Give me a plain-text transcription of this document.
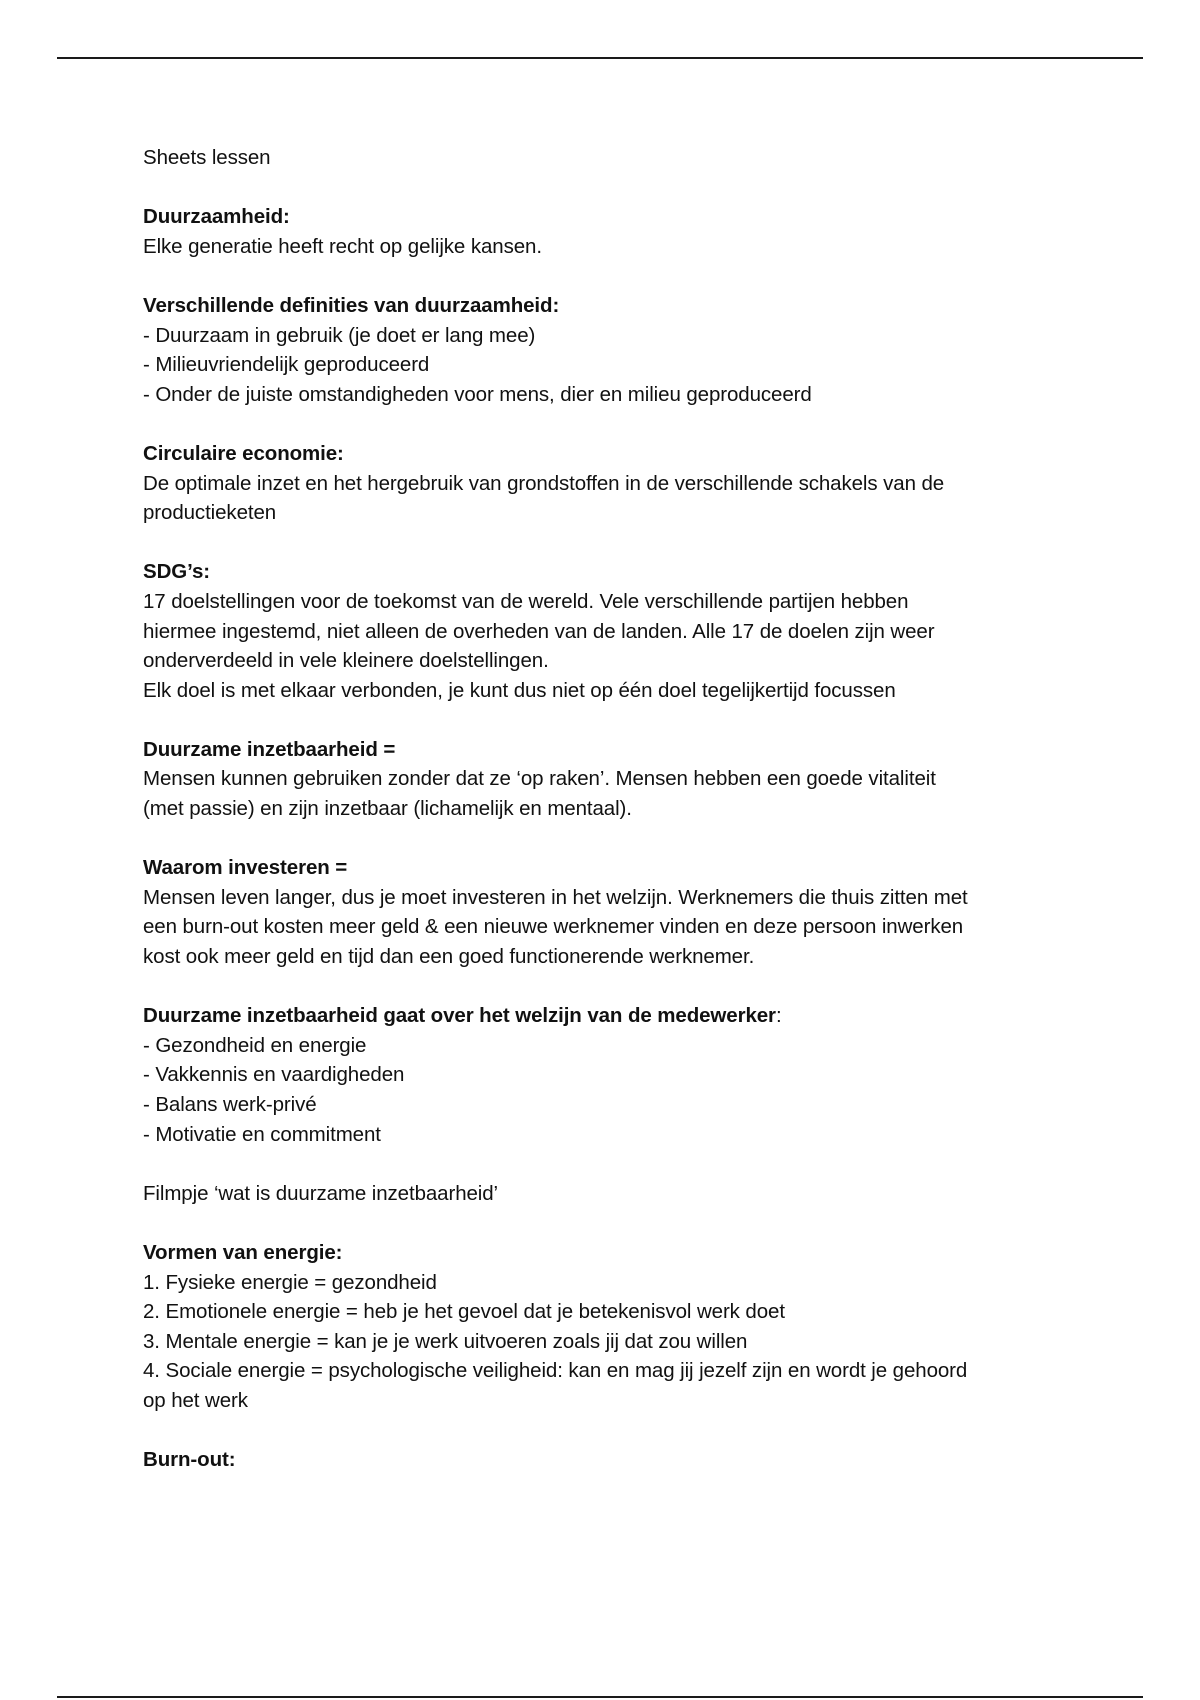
Sheets lessen
Duurzaamheid:
Elke generatie heeft recht op gelijke kansen.
Verschillende definities van duurzaamheid:
- Duurzaam in gebruik (je doet er lang mee)
- Milieuvriendelijk geproduceerd
- Onder de juiste omstandigheden voor mens, dier en milieu geproduceerd
Circulaire economie:
De optimale inzet en het hergebruik van grondstoffen in de verschillende schakels van de
productieketen
SDG’s:
17 doelstellingen voor de toekomst van de wereld. Vele verschillende partijen hebben
hiermee ingestemd, niet alleen de overheden van de landen. Alle 17 de doelen zijn weer
onderverdeeld in vele kleinere doelstellingen.
Elk doel is met elkaar verbonden, je kunt dus niet op één doel tegelijkertijd focussen
Duurzame inzetbaarheid =
Mensen kunnen gebruiken zonder dat ze ‘op raken’. Mensen hebben een goede vitaliteit
(met passie) en zijn inzetbaar (lichamelijk en mentaal).
Waarom investeren =
Mensen leven langer, dus je moet investeren in het welzijn. Werknemers die thuis zitten met
een burn-out kosten meer geld & een nieuwe werknemer vinden en deze persoon inwerken
kost ook meer geld en tijd dan een goed functionerende werknemer.
Duurzame inzetbaarheid gaat over het welzijn van de medewerker:
- Gezondheid en energie
- Vakkennis en vaardigheden
- Balans werk-privé
- Motivatie en commitment
Filmpje ‘wat is duurzame inzetbaarheid’
Vormen van energie:
1. Fysieke energie = gezondheid
2. Emotionele energie = heb je het gevoel dat je betekenisvol werk doet
3. Mentale energie = kan je je werk uitvoeren zoals jij dat zou willen
4. Sociale energie = psychologische veiligheid: kan en mag jij jezelf zijn en wordt je gehoord
op het werk
Burn-out:
